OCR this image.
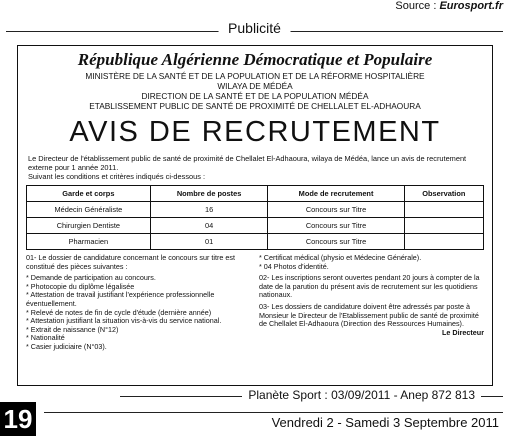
Source : Eurosport.fr
Publicité
République Algérienne Démocratique et Populaire
MINISTÈRE DE LA SANTÉ ET DE LA POPULATION ET DE LA RÉFORME HOSPITALIÈRE
WILAYA DE MÉDÉA
DIRECTION DE LA SANTÉ ET DE LA POPULATION MÉDÉA
ETABLISSEMENT PUBLIC DE SANTÉ DE PROXIMITÉ DE CHELLALET EL-ADHAOURA
AVIS DE RECRUTEMENT
Le Directeur de l'établissement public de santé de proximité de Chellalet El-Adhaoura, wilaya de Médéa, lance un avis de recrutement externe pour 1 année 2011.
Suivant les conditions et critères indiqués ci-dessous :
Garde et corps	Nombre de postes	Mode de recrutement	Observation
Médecin Généraliste	16	Concours sur Titre	
Chirurgien Dentiste	04	Concours sur Titre	
Pharmacien	01	Concours sur Titre	

01- Le dossier de candidature concernant le concours sur titre est constitué des pièces suivantes :

* Demande de participation au concours.

* Photocopie du diplôme légalisée

* Attestation de travail justifiant l'expérience professionnelle éventuellement.

* Relevé de notes de fin de cycle d'étude (dernière année)

* Attestation justifiant la situation vis-à-vis du service national.

* Extrait de naissance (N°12)

* Nationalité

* Casier judiciaire (N°03).

* Certificat médical (physio et Médecine Générale).

* 04 Photos d'identité.

02- Les inscriptions seront ouvertes pendant 20 jours à compter de la date de la parution du présent avis de recrutement sur les quotidiens nationaux.

03- Les dossiers de candidature doivent être adressés par poste à Monsieur le Directeur de l'Etablissement public de santé de proximité de Chellalet El-Adhaoura (Direction des Ressources Humaines).

Le Directeur

Planète Sport : 03/09/2011 - Anep 872 813
19	Vendredi 2 - Samedi 3 Septembre 2011
